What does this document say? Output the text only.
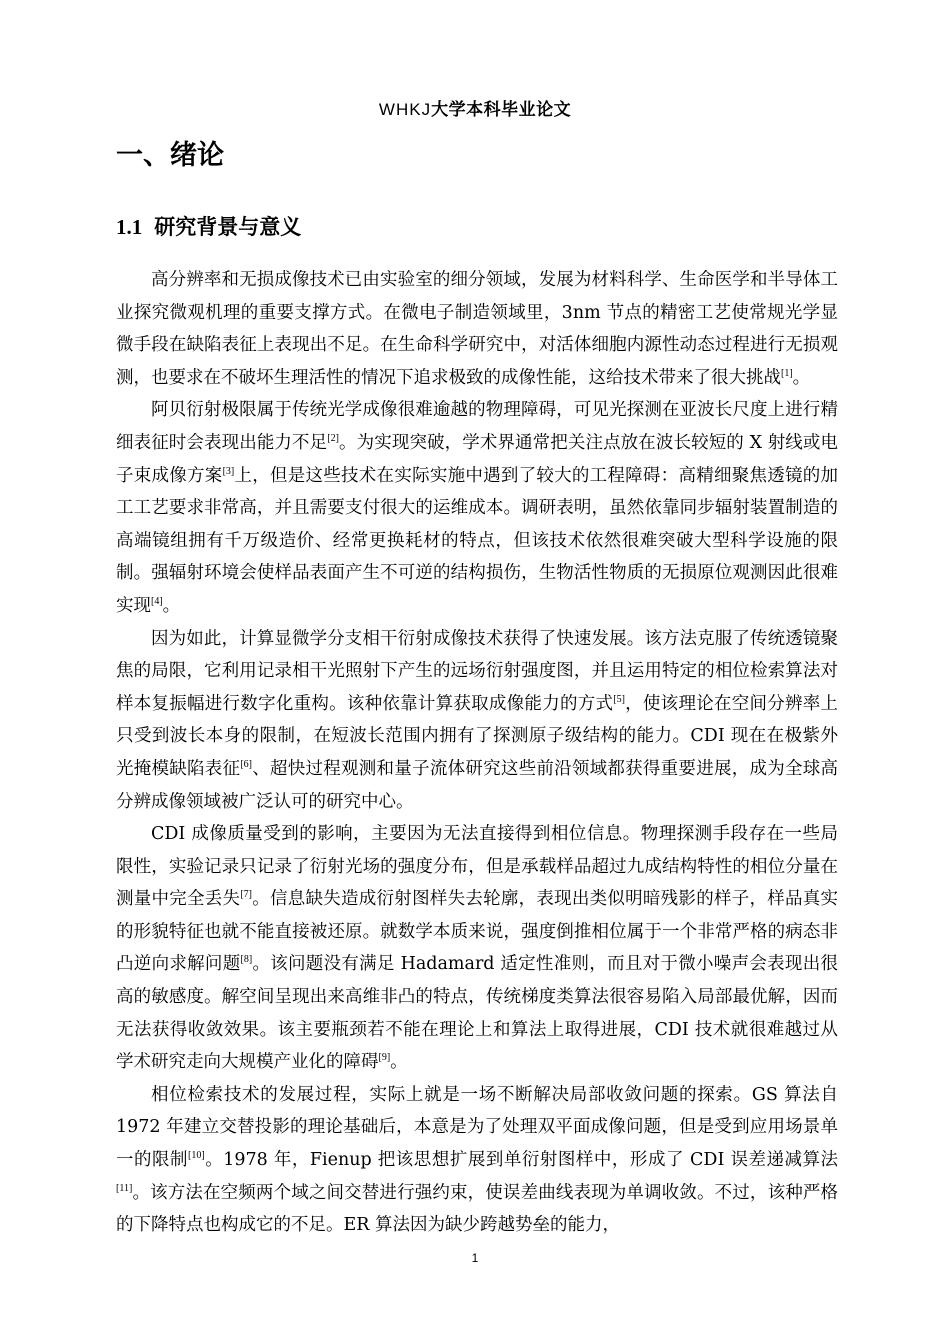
WHKJ大学本科毕业论文
一、绪论
1.1 研究背景与意义

高分辨率和无损成像技术已由实验室的细分领域，发展为材料科学、生命医学和半导体工业探究微观机理的重要支撑方式。在微电子制造领域里，3nm 节点的精密工艺使常规光学显微手段在缺陷表征上表现出不足。在生命科学研究中，对活体细胞内源性动态过程进行无损观测，也要求在不破坏生理活性的情况下追求极致的成像性能，这给技术带来了很大挑战[1]。

阿贝衍射极限属于传统光学成像很难逾越的物理障碍，可见光探测在亚波长尺度上进行精细表征时会表现出能力不足[2]。为实现突破，学术界通常把关注点放在波长较短的 X 射线或电子束成像方案[3]上，但是这些技术在实际实施中遇到了较大的工程障碍：高精细聚焦透镜的加工工艺要求非常高，并且需要支付很大的运维成本。调研表明，虽然依靠同步辐射装置制造的高端镜组拥有千万级造价、经常更换耗材的特点，但该技术依然很难突破大型科学设施的限制。强辐射环境会使样品表面产生不可逆的结构损伤，生物活性物质的无损原位观测因此很难实现[4]。

因为如此，计算显微学分支相干衍射成像技术获得了快速发展。该方法克服了传统透镜聚焦的局限，它利用记录相干光照射下产生的远场衍射强度图，并且运用特定的相位检索算法对样本复振幅进行数字化重构。该种依靠计算获取成像能力的方式[5]，使该理论在空间分辨率上只受到波长本身的限制，在短波长范围内拥有了探测原子级结构的能力。CDI 现在在极紫外光掩模缺陷表征[6]、超快过程观测和量子流体研究这些前沿领域都获得重要进展，成为全球高分辨成像领域被广泛认可的研究中心。

CDI 成像质量受到的影响，主要因为无法直接得到相位信息。物理探测手段存在一些局限性，实验记录只记录了衍射光场的强度分布，但是承载样品超过九成结构特性的相位分量在测量中完全丢失[7]。信息缺失造成衍射图样失去轮廓，表现出类似明暗残影的样子，样品真实的形貌特征也就不能直接被还原。就数学本质来说，强度倒推相位属于一个非常严格的病态非凸逆向求解问题[8]。该问题没有满足 Hadamard 适定性准则，而且对于微小噪声会表现出很高的敏感度。解空间呈现出来高维非凸的特点，传统梯度类算法很容易陷入局部最优解，因而无法获得收敛效果。该主要瓶颈若不能在理论上和算法上取得进展，CDI 技术就很难越过从学术研究走向大规模产业化的障碍[9]。

相位检索技术的发展过程，实际上就是一场不断解决局部收敛问题的探索。GS 算法自 1972 年建立交替投影的理论基础后，本意是为了处理双平面成像问题，但是受到应用场景单一的限制[10]。1978 年，Fienup 把该思想扩展到单衍射图样中，形成了 CDI 误差递减算法[11]。该方法在空频两个域之间交替进行强约束，使误差曲线表现为单调收敛。不过，该种严格的下降特点也构成它的不足。ER 算法因为缺少跨越势垒的能力，

1
